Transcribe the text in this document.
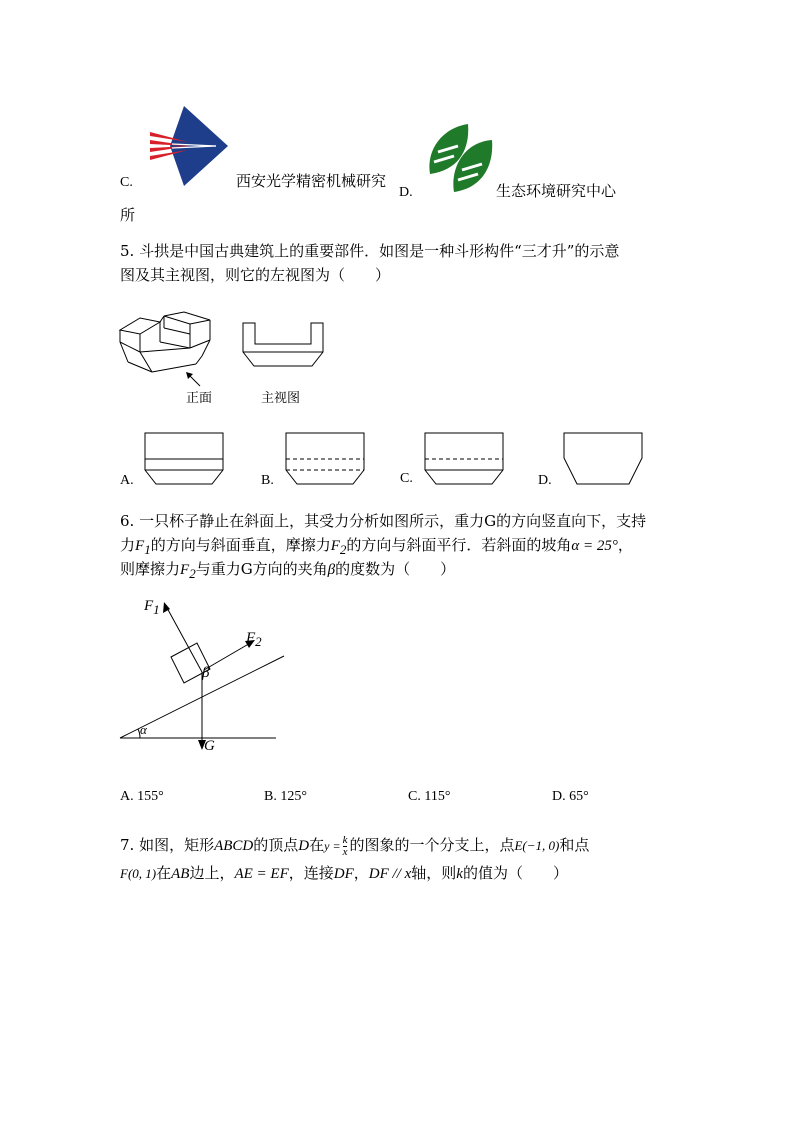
C.	西安光学精密机械研究
所
D.	生态环境研究中心
5. 斗拱是中国古典建筑上的重要部件．如图是一种斗形构件“三才升”的示意
图及其主视图，则它的左视图为（　　）
正面	主视图
A.	B.	C.	D.
6. 一只杯子静止在斜面上，其受力分析如图所示，重力G的方向竖直向下，支持
力$F_1$的方向与斜面垂直，摩擦力$F_2$的方向与斜面平行．若斜面的坡角α = 25°，
则摩擦力$F_2$与重力G方向的夹角β的度数为（　　）
$F_1$
$F_2$
β
α
G
A. 155°	B. 125°	C. 115°	D. 65°
7. 如图，矩形ABCD的顶点D在$y = \frac{k}{x}$ 的图象的一个分支上，点E(−1, 0)和点
F(0, 1)在AB边上，AE = EF，连接DF，DF // x轴，则k的值为（　　）
